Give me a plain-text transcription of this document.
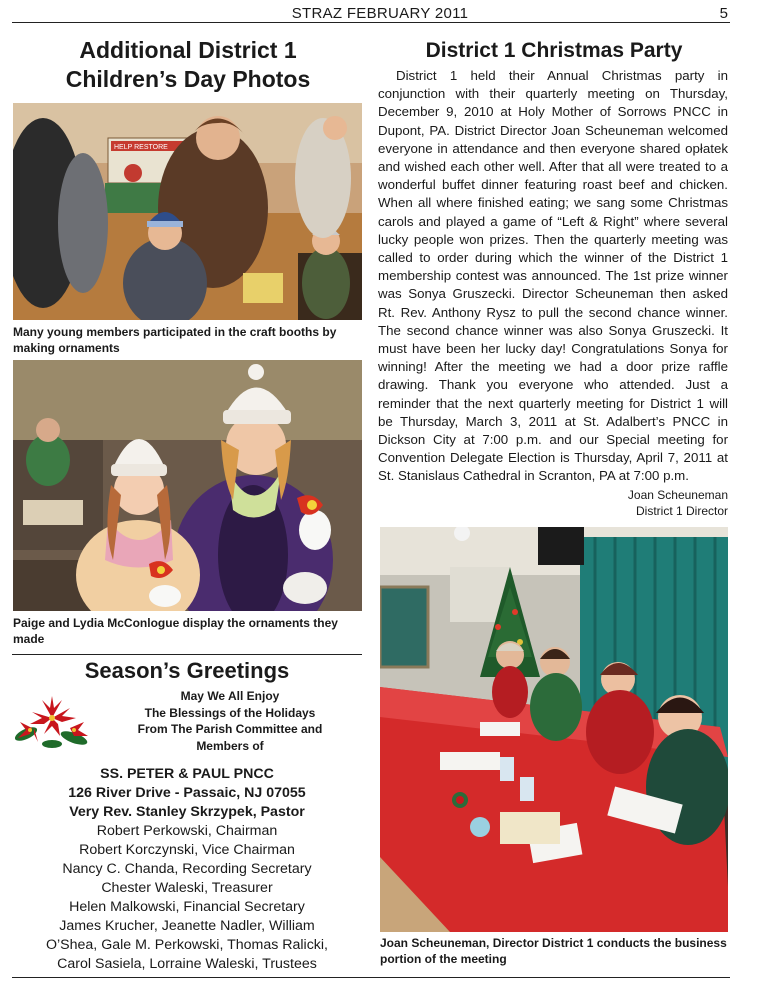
STRAZ FEBRUARY 2011	5
Additional District 1
Children’s Day Photos
HELP RESTORE
Many young members participated in the craft booths by making ornaments
Paige and Lydia McConlogue display the ornaments they made
Season’s Greetings
May We All Enjoy
The Blessings of the Holidays
From The Parish Committee and
Members of
SS. PETER & PAUL PNCC
126 River Drive - Passaic, NJ 07055
Very Rev. Stanley Skrzypek, Pastor
Robert Perkowski, Chairman
Robert Korczynski, Vice Chairman
Nancy C. Chanda, Recording Secretary
Chester Waleski, Treasurer
Helen Malkowski, Financial Secretary
James Krucher, Jeanette Nadler, William
O’Shea, Gale M. Perkowski, Thomas Ralicki,
Carol Sasiela, Lorraine Waleski, Trustees
District 1 Christmas Party

District 1 held their Annual Christmas party in conjunction with their quarterly meeting on Thursday, December 9, 2010 at Holy Mother of Sorrows PNCC in Dupont, PA. District Director Joan Scheuneman welcomed everyone in attendance and then everyone shared opłatek and wished each other well. After that all were treated to a wonderful buffet dinner featuring roast beef and chicken. When all where finished eating; we sang some Christmas carols and played a game of “Left & Right” where several lucky people won prizes. Then the quarterly meeting was called to order during which the winner of the District 1 membership contest was announced. The 1st prize winner was Sonya Gruszecki. Director Scheuneman then asked Rt. Rev. Anthony Rysz to pull the second chance winner. The second chance winner was also Sonya Gruszecki. It must have been her lucky day! Congratulations Sonya for winning! After the meeting we had a door prize raffle drawing. Thank you everyone who attended. Just a reminder that the next quarterly meeting for District 1 will be Thursday, March 3, 2011 at St. Adalbert’s PNCC in Dickson City at 7:00 p.m. and our Special meeting for Convention Delegate Election is Thursday, April 7, 2011 at St. Stanislaus Cathedral in Scranton, PA at 7:00 p.m.

Joan Scheuneman
District 1 Director
Joan Scheuneman, Director District 1 conducts the business portion of the meeting
